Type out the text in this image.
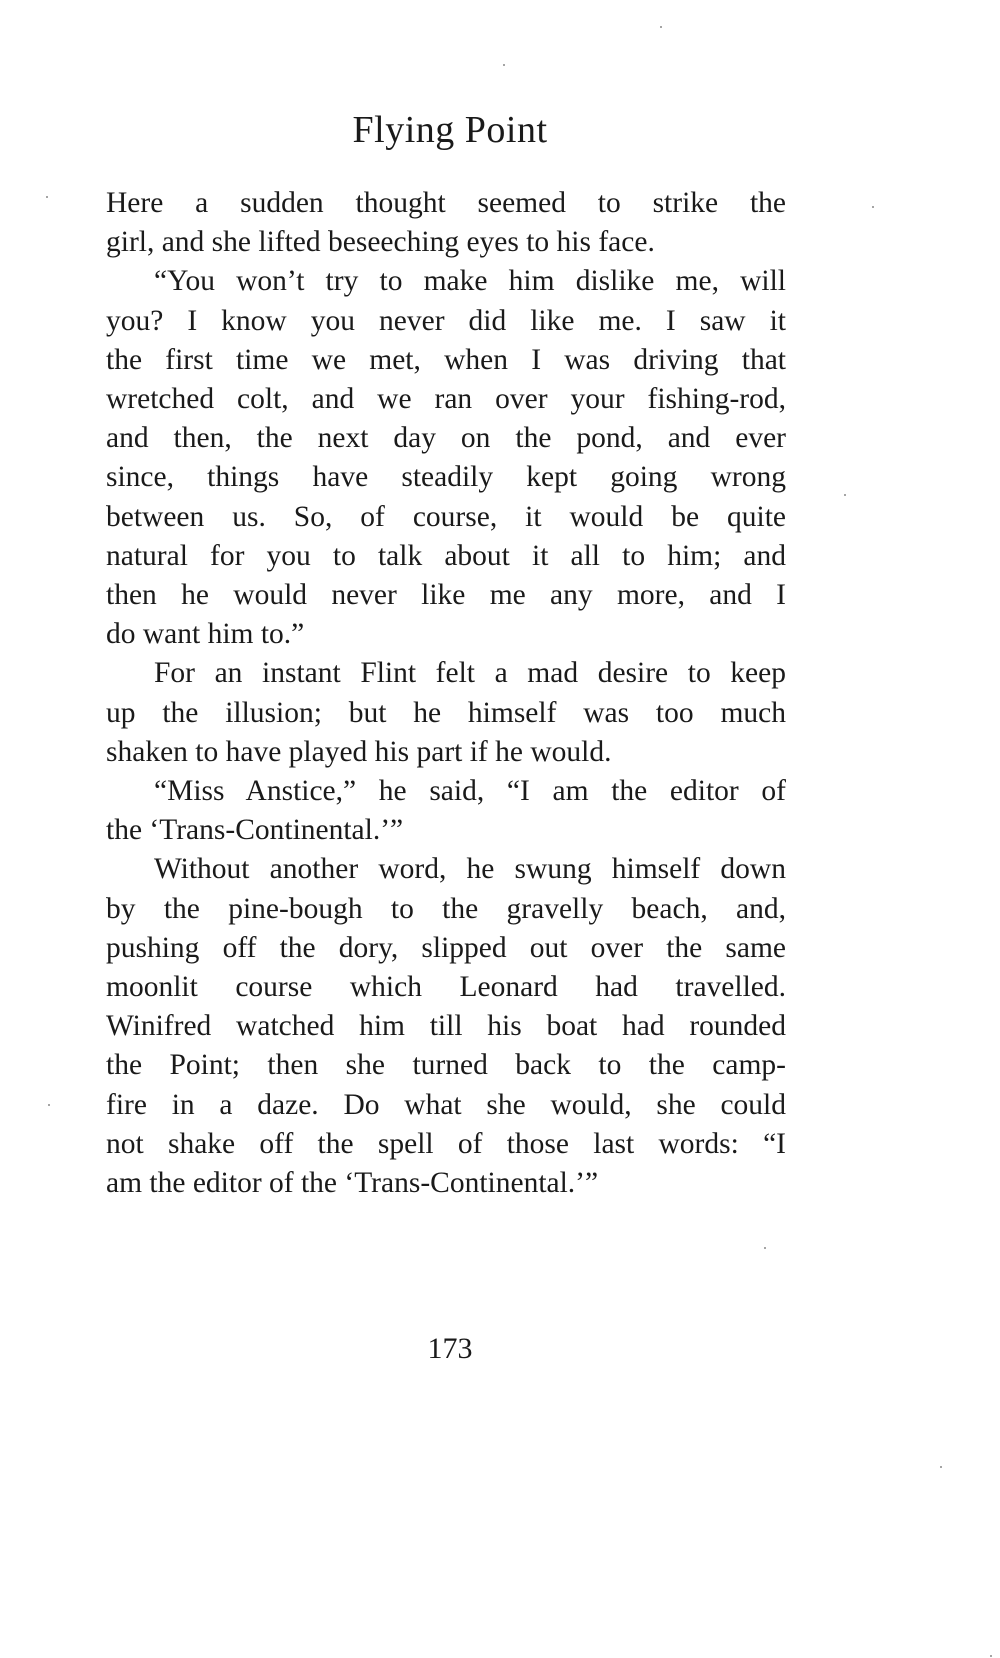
Flying Point
Here a sudden thought seemed to strike the
girl, and she lifted beseeching eyes to his face.
“You won’t try to make him dislike me, will
you? I know you never did like me. I saw it
the first time we met, when I was driving that
wretched colt, and we ran over your fishing-rod,
and then, the next day on the pond, and ever
since, things have steadily kept going wrong
between us. So, of course, it would be quite
natural for you to talk about it all to him; and
then he would never like me any more, and I
do want him to.”
For an instant Flint felt a mad desire to keep
up the illusion; but he himself was too much
shaken to have played his part if he would.
“Miss Anstice,” he said, “I am the editor of
the ‘Trans-Continental.’”
Without another word, he swung himself down
by the pine-bough to the gravelly beach, and,
pushing off the dory, slipped out over the same
moonlit course which Leonard had travelled.
Winifred watched him till his boat had rounded
the Point; then she turned back to the camp-
fire in a daze. Do what she would, she could
not shake off the spell of those last words: “I
am the editor of the ‘Trans-Continental.’”
173
